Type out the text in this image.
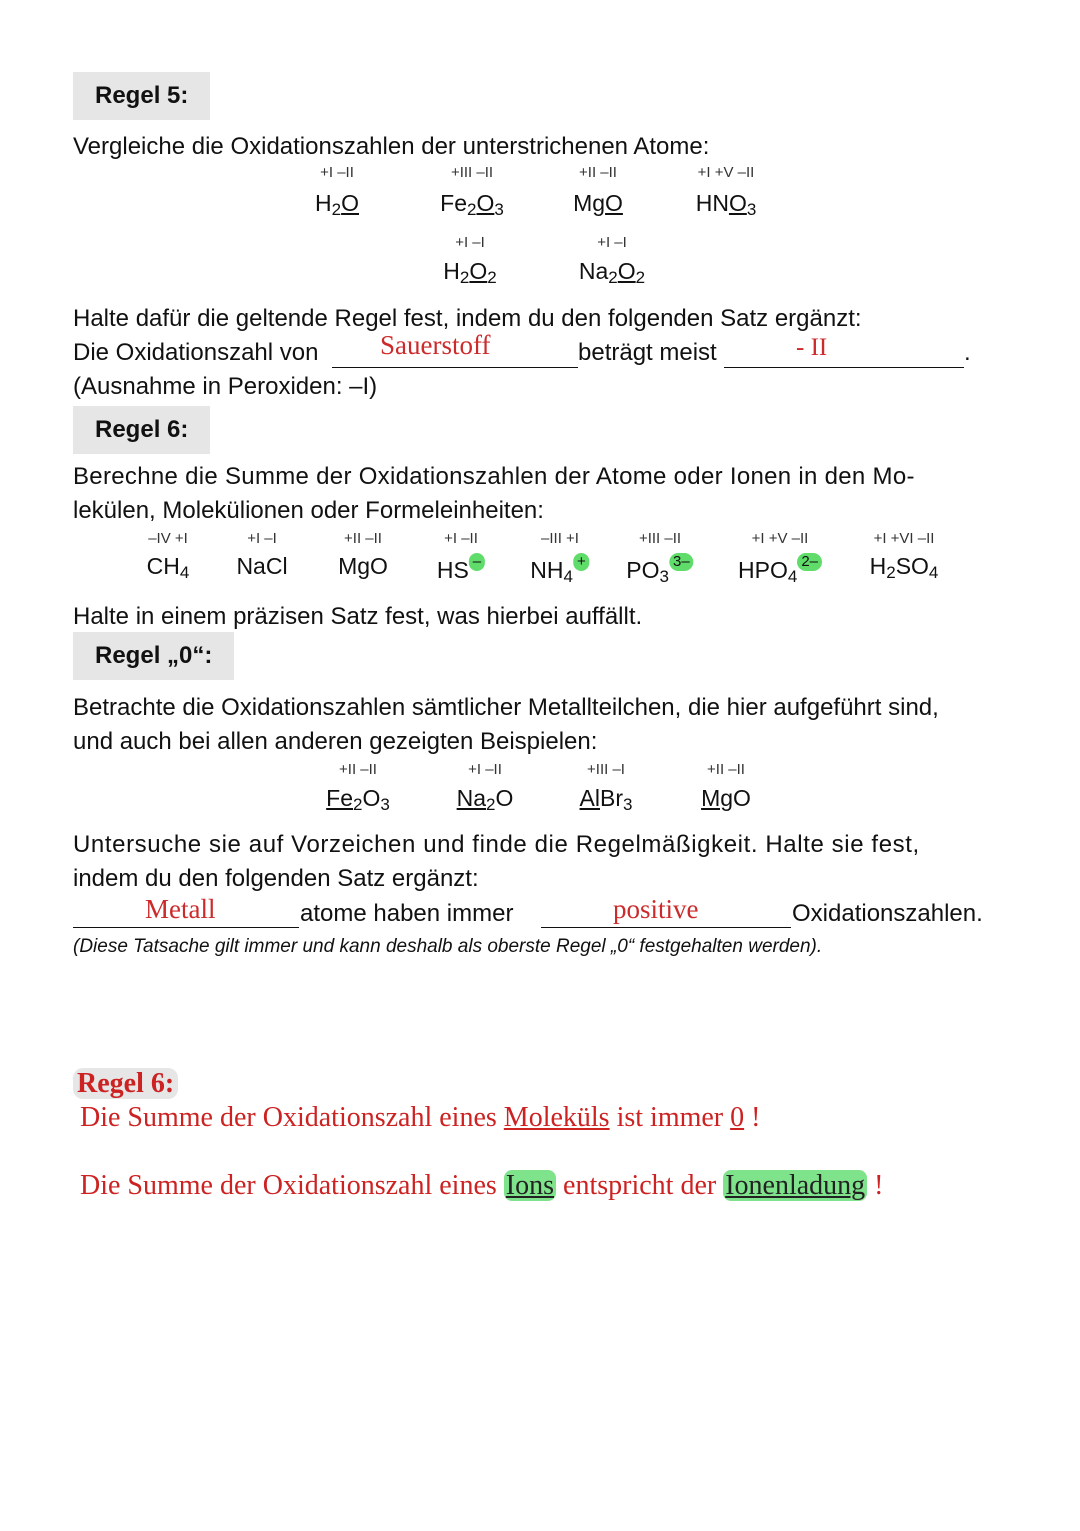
Regel 5:
Vergleiche die Oxidationszahlen der unterstrichenen Atome:
+I –II
$H_2O$
+III –II
$Fe_2O_3$
+II –II
MgO
+I +V –II
$HNO_3$
+I –I
$H_2O_2$
+I –I
$Na_2O_2$
Halte dafür die geltende Regel fest, indem du den folgenden Satz ergänzt:
Die Oxidationszahl von Sauerstoff	beträgt meist	- II	.
(Ausnahme in Peroxiden: –I)
Regel 6:
Berechne die Summe der Oxidationszahlen der Atome oder Ionen in den Mo-
lekülen, Molekülionen oder Formeleinheiten:
–IV +I
$CH_4$
+I –I
NaCl
+II –II
MgO
+I –II
HS –
–III +I
$NH_4+$
+III –II
$PO_33-$
+I +V –II
$HPO_42-$
+I +VI –II
$H_2SO_4$
Halte in einem präzisen Satz fest, was hierbei auffällt.
Regel „0“:
Betrachte die Oxidationszahlen sämtlicher Metallteilchen, die hier aufgeführt sind,
und auch bei allen anderen gezeigten Beispielen:
+II –II
$Fe_2O_3$
+I –II
$Na_2O$
+III –I
AlBr$_3$
+II –II
MgO
Untersuche sie auf Vorzeichen und finde die Regelmäßigkeit. Halte sie fest,
indem du den folgenden Satz ergänzt:
Metall	atome haben immer	positive	Oxidationszahlen.
(Diese Tatsache gilt immer und kann deshalb als oberste Regel „0“ festgehalten werden).
Regel 6:
Die Summe der Oxidationszahl eines Moleküls ist immer 0 !
Die Summe der Oxidationszahl eines Ions entspricht der Ionenladung !
